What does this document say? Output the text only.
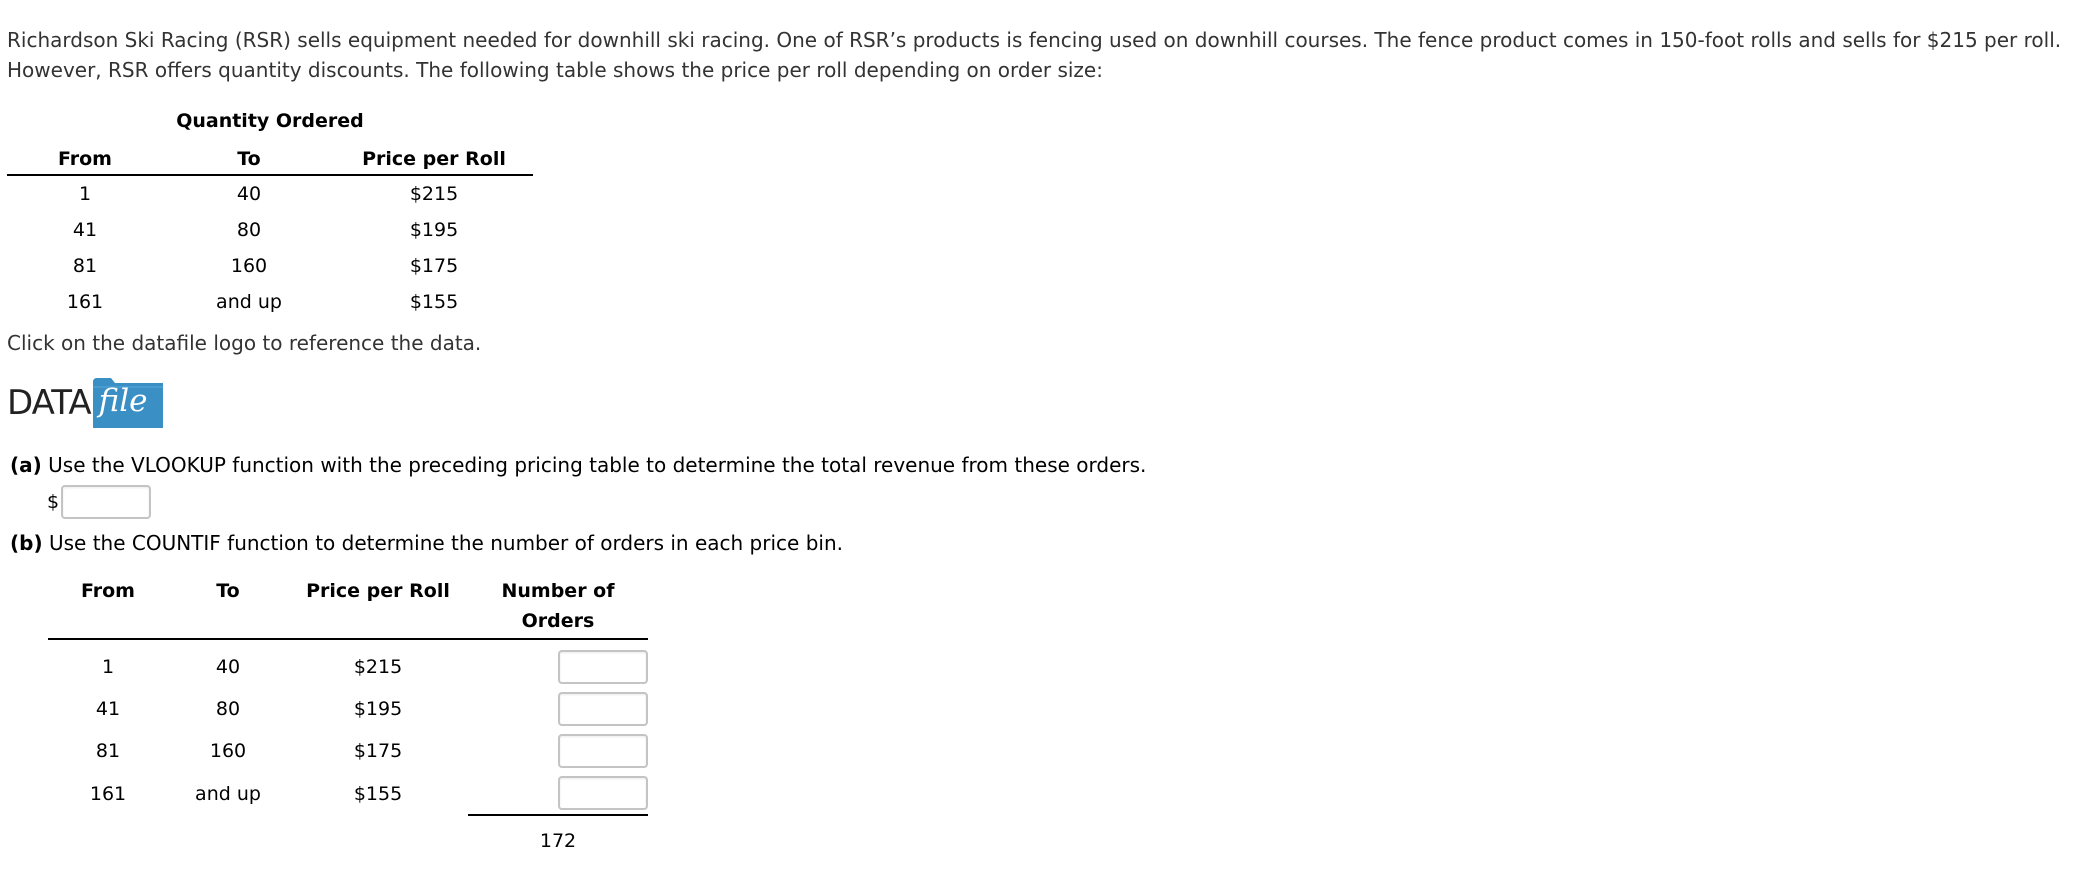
Richardson Ski Racing (RSR) sells equipment needed for downhill ski racing. One of RSR’s products is fencing used on downhill courses. The fence product comes in 150-foot rolls and sells for $215 per roll. However, RSR offers quantity discounts. The following table shows the price per roll depending on order size:

Quantity Ordered
From	To	Price per Roll
1	40	$215
41	80	$195
81	160	$175
161	and up	$155

Click on the datafile logo to reference the data.

DATA file

(a) Use the VLOOKUP function with the preceding pricing table to determine the total revenue from these orders.

$

(b) Use the COUNTIF function to determine the number of orders in each price bin.

From	To	Price per Roll	Number of
Orders

1	40	$215	
41	80	$195	
81	160	$175	
161	and up	$155	
			172
